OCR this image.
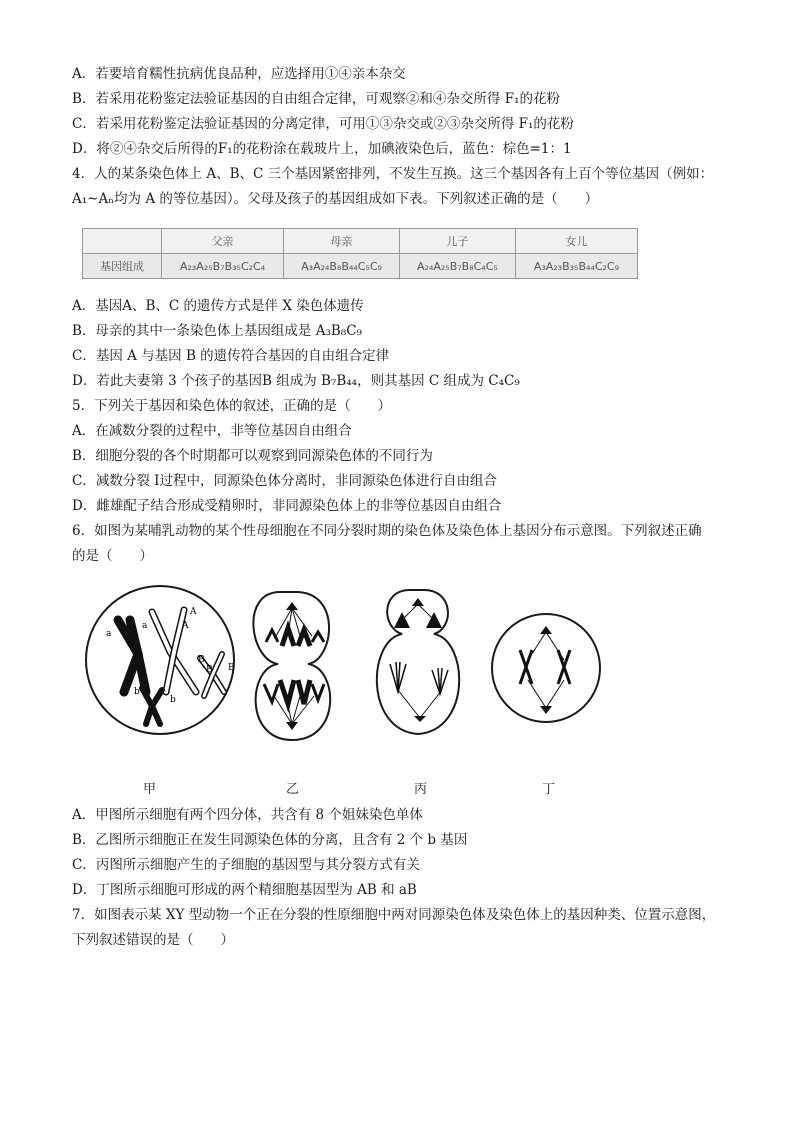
A．若要培育糯性抗病优良品种，应选择用①④亲本杂交
B．若采用花粉鉴定法验证基因的自由组合定律，可观察②和④杂交所得 F₁的花粉
C．若采用花粉鉴定法验证基因的分离定律，可用①③杂交或②③杂交所得 F₁的花粉
D．将②④杂交后所得的F₁的花粉涂在载玻片上，加碘液染色后，蓝色：棕色=1：1
4．人的某条染色体上 A、B、C 三个基因紧密排列，不发生互换。这三个基因各有上百个等位基因（例如：
A₁~Aₙ均为 A 的等位基因）。父母及孩子的基因组成如下表。下列叙述正确的是（　　）
	父亲	母亲	儿子	女儿
基因组成	A₂₃A₂₅B₇B₃₅C₂C₄	A₃A₂₄B₈B₄₄C₅C₉	A₂₄A₂₅B₇B₈C₄C₅	A₃A₂₃B₃₅B₄₄C₂C₉
A．基因A、B、C 的遗传方式是伴 X 染色体遗传
B．母亲的其中一条染色体上基因组成是 A₃B₈C₉
C．基因 A 与基因 B 的遗传符合基因的自由组合定律
D．若此夫妻第 3 个孩子的基因B 组成为 B₇B₄₄，则其基因 C 组成为 C₄C₉
5．下列关于基因和染色体的叙述，正确的是（　　）
A．在减数分裂的过程中，非等位基因自由组合
B．细胞分裂的各个时期都可以观察到同源染色体的不同行为
C．减数分裂 I过程中，同源染色体分离时，非同源染色体进行自由组合
D．雌雄配子结合形成受精卵时，非同源染色体上的非等位基因自由组合
6．如图为某哺乳动物的某个性母细胞在不同分裂时期的染色体及染色体上基因分布示意图。下列叙述正确
的是（　　）
a
a
A
A
B
B B
b
b
甲	乙	丙	丁
A．甲图所示细胞有两个四分体，共含有 8 个姐妹染色单体
B．乙图所示细胞正在发生同源染色体的分离，且含有 2 个 b 基因
C．丙图所示细胞产生的子细胞的基因型与其分裂方式有关
D．丁图所示细胞可形成的两个精细胞基因型为 AB 和 aB
7．如图表示某 XY 型动物一个正在分裂的性原细胞中两对同源染色体及染色体上的基因种类、位置示意图，
下列叙述错误的是（　　）
